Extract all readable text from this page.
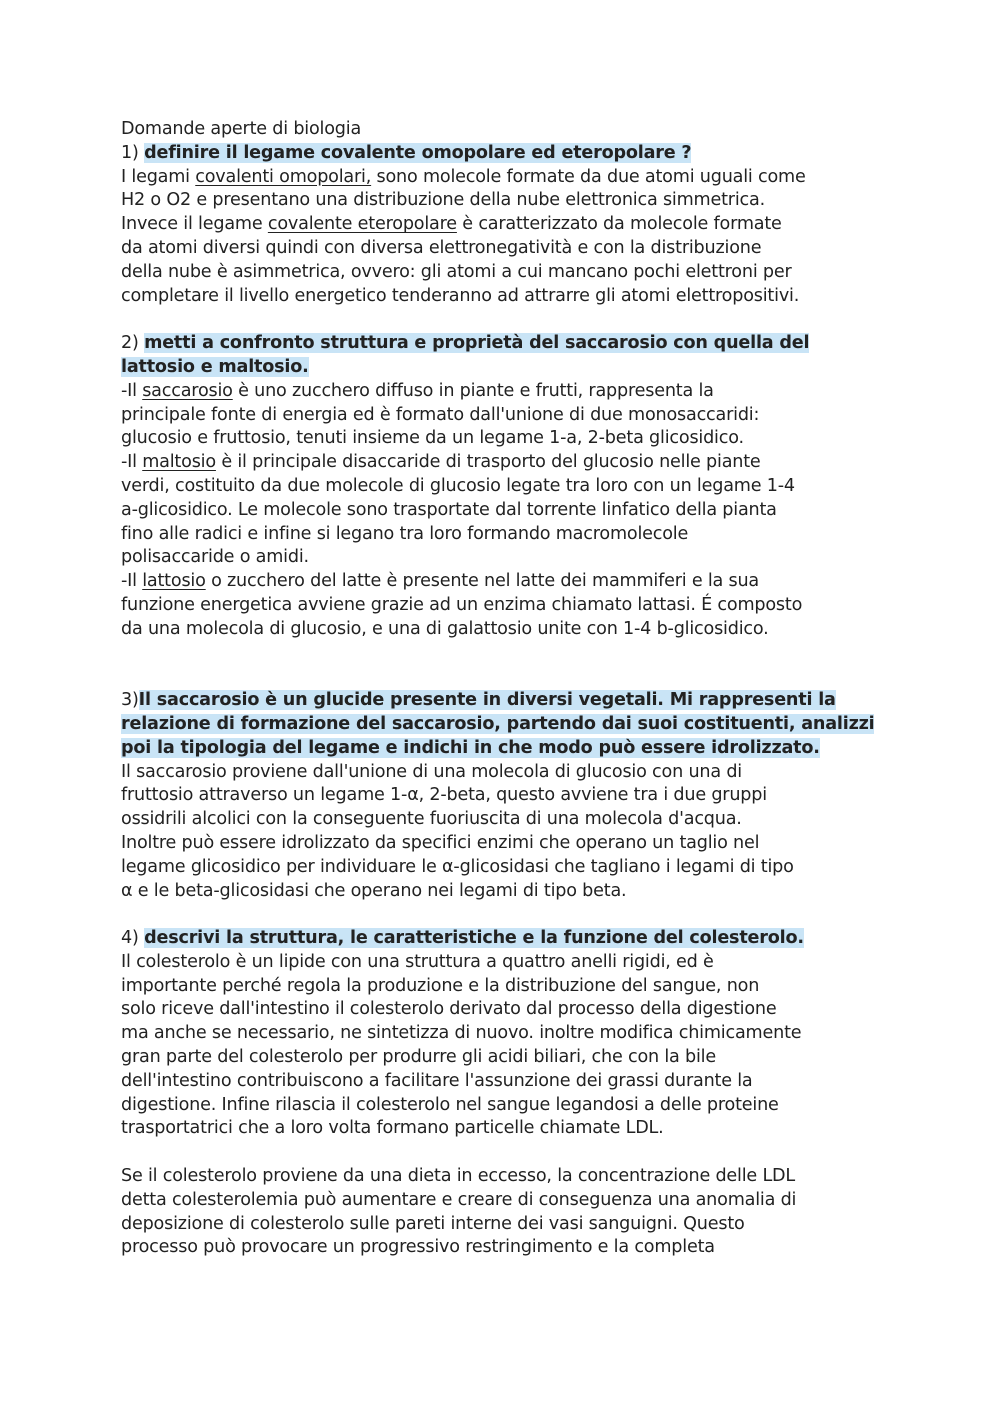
Domande aperte di biologia
1) definire il legame covalente omopolare ed eteropolare ?
I legami covalenti omopolari, sono molecole formate da due atomi uguali come
H2 o O2 e presentano una distribuzione della nube elettronica simmetrica.
Invece il legame covalente eteropolare è caratterizzato da molecole formate
da atomi diversi quindi con diversa elettronegatività e con la distribuzione
della nube è asimmetrica, ovvero: gli atomi a cui mancano pochi elettroni per
completare il livello energetico tenderanno ad attrarre gli atomi elettropositivi.
2) metti a confronto struttura e proprietà del saccarosio con quella del
lattosio e maltosio.
-Il saccarosio è uno zucchero diffuso in piante e frutti, rappresenta la
principale fonte di energia ed è formato dall'unione di due monosaccaridi:
glucosio e fruttosio, tenuti insieme da un legame 1-a, 2-beta glicosidico.
-Il maltosio è il principale disaccaride di trasporto del glucosio nelle piante
verdi, costituito da due molecole di glucosio legate tra loro con un legame 1-4
a-glicosidico. Le molecole sono trasportate dal torrente linfatico della pianta
fino alle radici e infine si legano tra loro formando macromolecole
polisaccaride o amidi.
-Il lattosio o zucchero del latte è presente nel latte dei mammiferi e la sua
funzione energetica avviene grazie ad un enzima chiamato lattasi. É composto
da una molecola di glucosio, e una di galattosio unite con 1-4 b-glicosidico.
3)Il saccarosio è un glucide presente in diversi vegetali. Mi rappresenti la
relazione di formazione del saccarosio, partendo dai suoi costituenti, analizzi
poi la tipologia del legame e indichi in che modo può essere idrolizzato.
Il saccarosio proviene dall'unione di una molecola di glucosio con una di
fruttosio attraverso un legame 1-α, 2-beta, questo avviene tra i due gruppi
ossidrili alcolici con la conseguente fuoriuscita di una molecola d'acqua.
Inoltre può essere idrolizzato da specifici enzimi che operano un taglio nel
legame glicosidico per individuare le α-glicosidasi che tagliano i legami di tipo
α e le beta-glicosidasi che operano nei legami di tipo beta.
4) descrivi la struttura, le caratteristiche e la funzione del colesterolo.
Il colesterolo è un lipide con una struttura a quattro anelli rigidi, ed è
importante perché regola la produzione e la distribuzione del sangue, non
solo riceve dall'intestino il colesterolo derivato dal processo della digestione
ma anche se necessario, ne sintetizza di nuovo. inoltre modifica chimicamente
gran parte del colesterolo per produrre gli acidi biliari, che con la bile
dell'intestino contribuiscono a facilitare l'assunzione dei grassi durante la
digestione. Infine rilascia il colesterolo nel sangue legandosi a delle proteine
trasportatrici che a loro volta formano particelle chiamate LDL.
Se il colesterolo proviene da una dieta in eccesso, la concentrazione delle LDL
detta colesterolemia può aumentare e creare di conseguenza una anomalia di
deposizione di colesterolo sulle pareti interne dei vasi sanguigni. Questo
processo può provocare un progressivo restringimento e la completa
